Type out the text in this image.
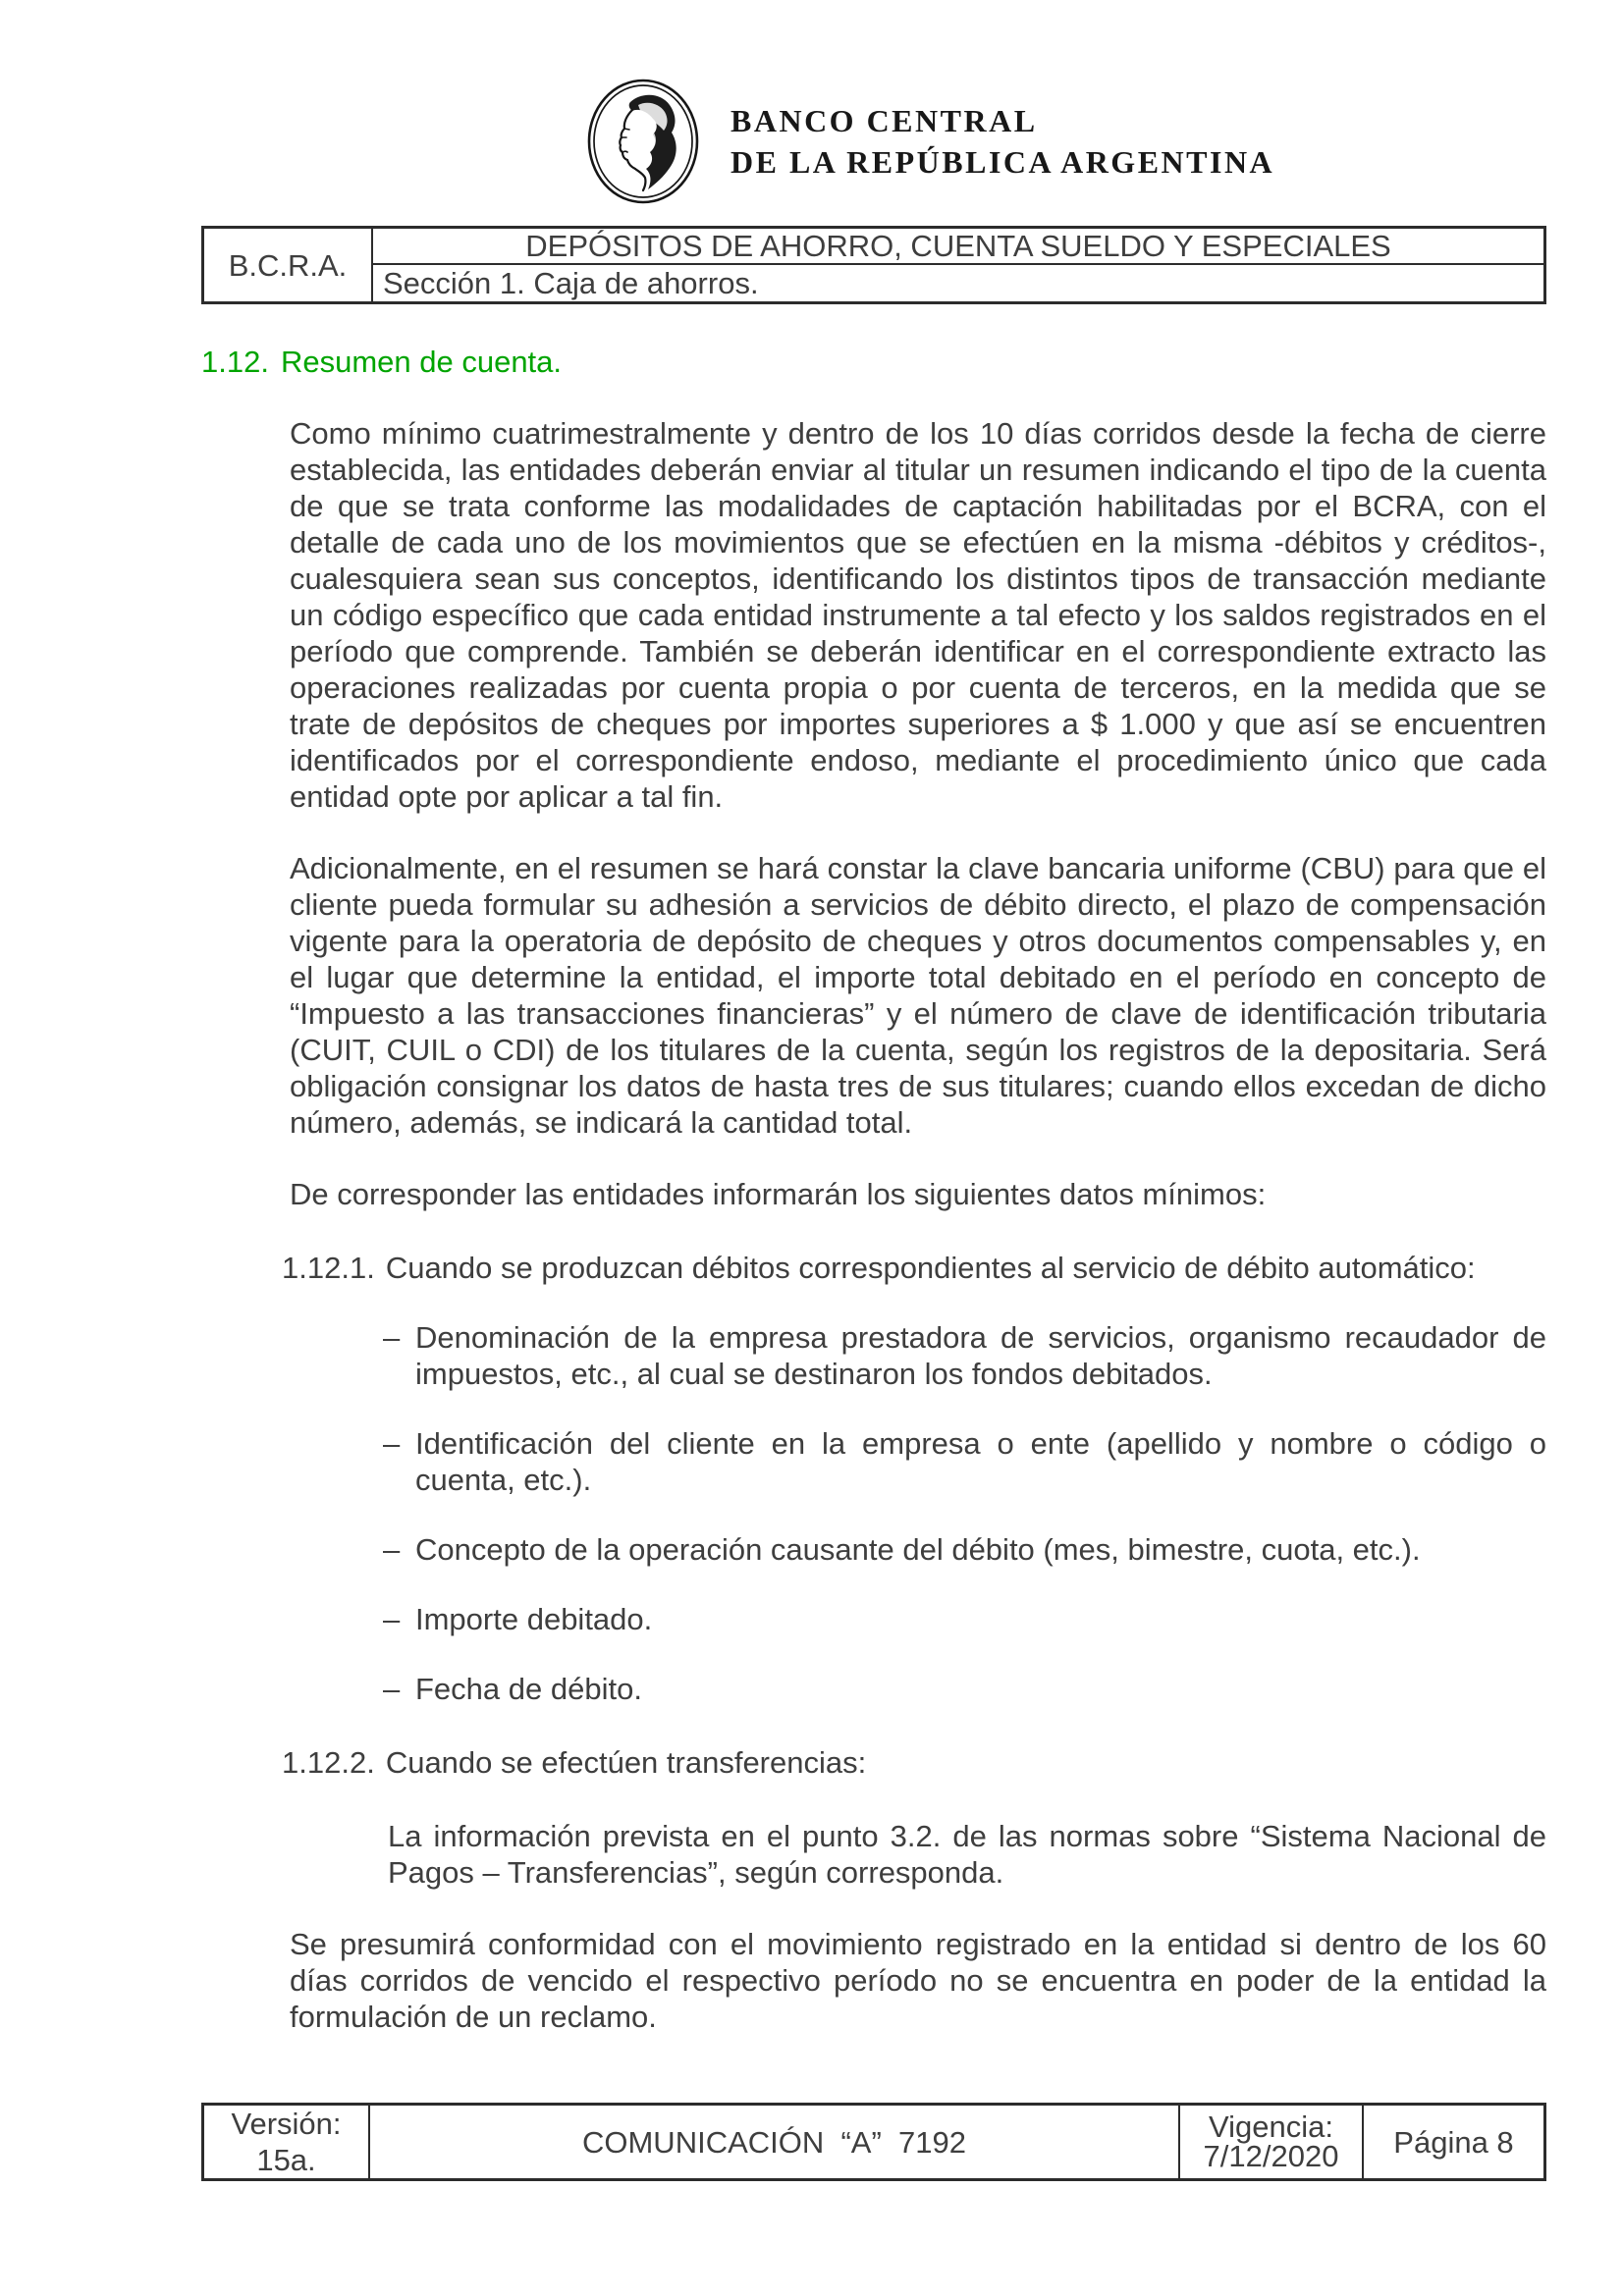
BANCO CENTRAL
DE LA REPÚBLICA ARGENTINA
B.C.R.A.
DEPÓSITOS DE AHORRO, CUENTA SUELDO Y ESPECIALES
Sección 1. Caja de ahorros.
1.12. Resumen de cuenta.
Como mínimo cuatrimestralmente y dentro de los 10 días corridos desde la fecha de cierre establecida, las entidades deberán enviar al titular un resumen indicando el tipo de la cuenta de que se trata conforme las modalidades de captación habilitadas por el BCRA, con el detalle de cada uno de los movimientos que se efectúen en la misma -débitos y créditos-, cualesquiera sean sus conceptos, identificando los distintos tipos de transacción mediante un código específico que cada entidad instrumente a tal efecto y los saldos registrados en el período que comprende. También se deberán identificar en el correspondiente extracto las operaciones realizadas por cuenta propia o por cuenta de terceros, en la medida que se trate de depósitos de cheques por importes superiores a $ 1.000 y que así se encuentren identificados por el correspondiente endoso, mediante el procedimiento único que cada entidad opte por aplicar a tal fin.
Adicionalmente, en el resumen se hará constar la clave bancaria uniforme (CBU) para que el cliente pueda formular su adhesión a servicios de débito directo, el plazo de compensación vigente para la operatoria de depósito de cheques y otros documentos compensables y, en el lugar que determine la entidad, el importe total debitado en el período en concepto de “Impuesto a las transacciones financieras” y el número de clave de identificación tributaria (CUIT, CUIL o CDI) de los titulares de la cuenta, según los registros de la depositaria. Será obligación consignar los datos de hasta tres de sus titulares; cuando ellos excedan de dicho número, además, se indicará la cantidad total.
De corresponder las entidades informarán los siguientes datos mínimos:
1.12.1. Cuando se produzcan débitos correspondientes al servicio de débito automático:
– Denominación de la empresa prestadora de servicios, organismo recaudador de impuestos, etc., al cual se destinaron los fondos debitados.
– Identificación del cliente en la empresa o ente (apellido y nombre o código o cuenta, etc.).
– Concepto de la operación causante del débito (mes, bimestre, cuota, etc.).
– Importe debitado.
– Fecha de débito.
1.12.2. Cuando se efectúen transferencias:
La información prevista en el punto 3.2. de las normas sobre “Sistema Nacional de Pagos – Transferencias”, según corresponda.
Se presumirá conformidad con el movimiento registrado en la entidad si dentro de los 60 días corridos de vencido el respectivo período no se encuentra en poder de la entidad la formulación de un reclamo.
Versión: 15a.
COMUNICACIÓN  “A”  7192	Vigencia:
7/12/2020	Página 8
